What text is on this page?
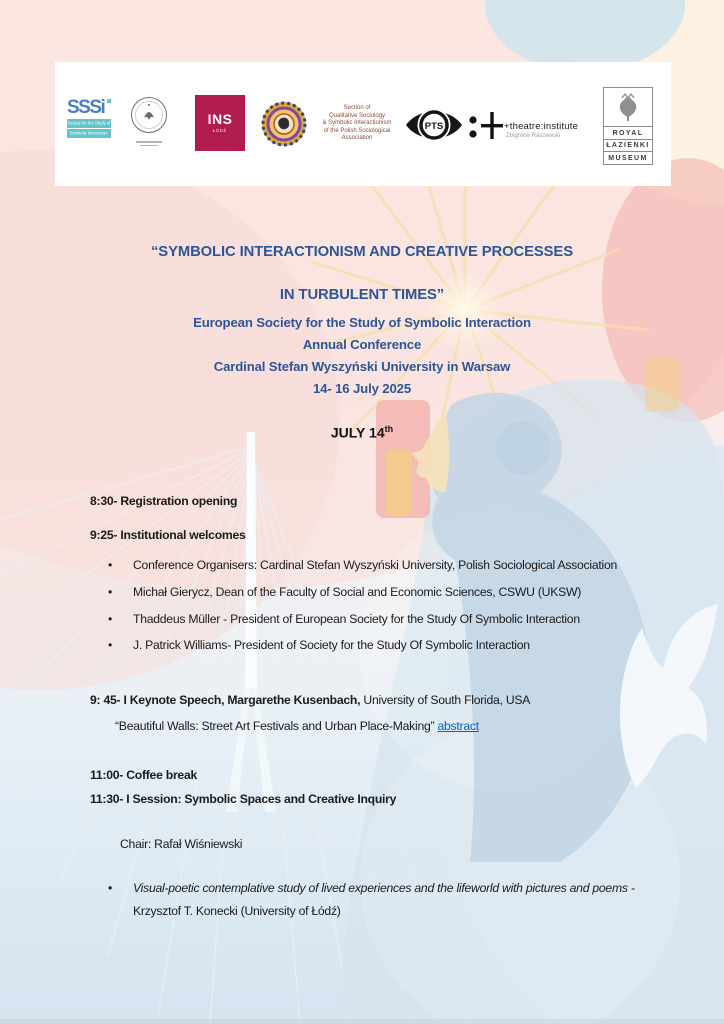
SSSi
Society for the Study of
Symbolic Interaction
INS
ŁÓDŹ
Section of
Qualitative Sociology
& Symbolic Interactionism
of the Polish Sociological
Association
PTS	+theatre:institute
Zbigniew Raszewski	ROYAL
ŁAZIENKI
MUSEUM
“SYMBOLIC INTERACTIONISM AND CREATIVE PROCESSES
IN TURBULENT TIMES”
European Society for the Study of Symbolic Interaction
Annual Conference
Cardinal Stefan Wyszyński University in Warsaw
14- 16 July 2025
JULY 14th
8:30- Registration opening
9:25- Institutional welcomes
• Conference Organisers: Cardinal Stefan Wyszyński University, Polish Sociological Association
• Michał Gierycz, Dean of the Faculty of Social and Economic Sciences, CSWU (UKSW)
• Thaddeus Müller - President of European Society for the Study Of Symbolic Interaction
• J. Patrick Williams- President of Society for the Study Of Symbolic Interaction
9: 45- I Keynote Speech, Margarethe Kusenbach, University of South Florida, USA
“Beautiful Walls: Street Art Festivals and Urban Place-Making” abstract
11:00- Coffee break
11:30- I Session: Symbolic Spaces and Creative Inquiry
Chair: Rafał Wiśniewski
•	Visual-poetic contemplative study of lived experiences and the lifeworld with pictures and poems - Krzysztof T. Konecki (University of Łódź)
